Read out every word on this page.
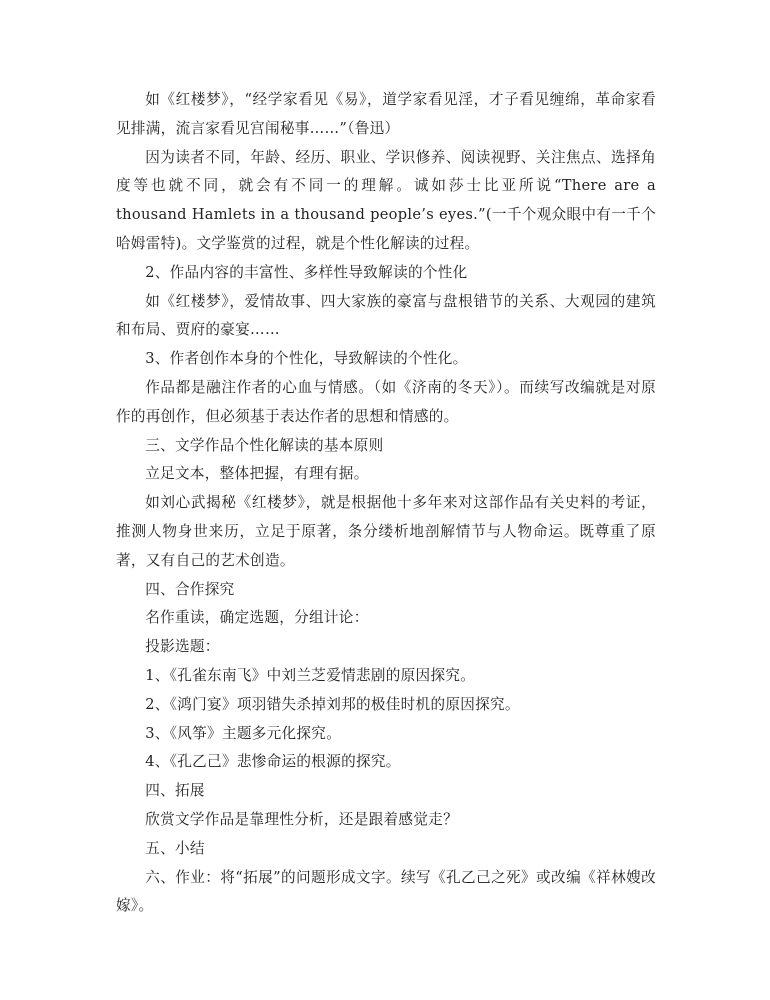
如《红楼梦》，“经学家看见《易》，道学家看见淫，才子看见缠绵，革命家看见排满，流言家看见宫闱秘事……”（鲁迅）

因为读者不同，年龄、经历、职业、学识修养、阅读视野、关注焦点、选择角度等也就不同，就会有不同一的理解。诚如莎士比亚所说“There are a thousand Hamlets in a thousand people’s eyes.”(一千个观众眼中有一千个哈姆雷特)。文学鉴赏的过程，就是个性化解读的过程。

2、作品内容的丰富性、多样性导致解读的个性化

如《红楼梦》，爱情故事、四大家族的豪富与盘根错节的关系、大观园的建筑和布局、贾府的豪宴……

3、作者创作本身的个性化，导致解读的个性化。

作品都是融注作者的心血与情感。（如《济南的冬天》）。而续写改编就是对原作的再创作，但必须基于表达作者的思想和情感的。

三、文学作品个性化解读的基本原则

立足文本，整体把握，有理有据。

如刘心武揭秘《红楼梦》，就是根据他十多年来对这部作品有关史料的考证，推测人物身世来历，立足于原著，条分缕析地剖解情节与人物命运。既尊重了原著，又有自己的艺术创造。

四、合作探究

名作重读，确定选题，分组计论：

投影选题：

1、《孔雀东南飞》中刘兰芝爱情悲剧的原因探究。

2、《鸿门宴》项羽错失杀掉刘邦的极佳时机的原因探究。

3、《风筝》主题多元化探究。

4、《孔乙己》悲惨命运的根源的探究。

四、拓展

欣赏文学作品是靠理性分析，还是跟着感觉走？

五、小结

六、作业：将“拓展”的问题形成文字。续写《孔乙己之死》或改编《祥林嫂改嫁》。
